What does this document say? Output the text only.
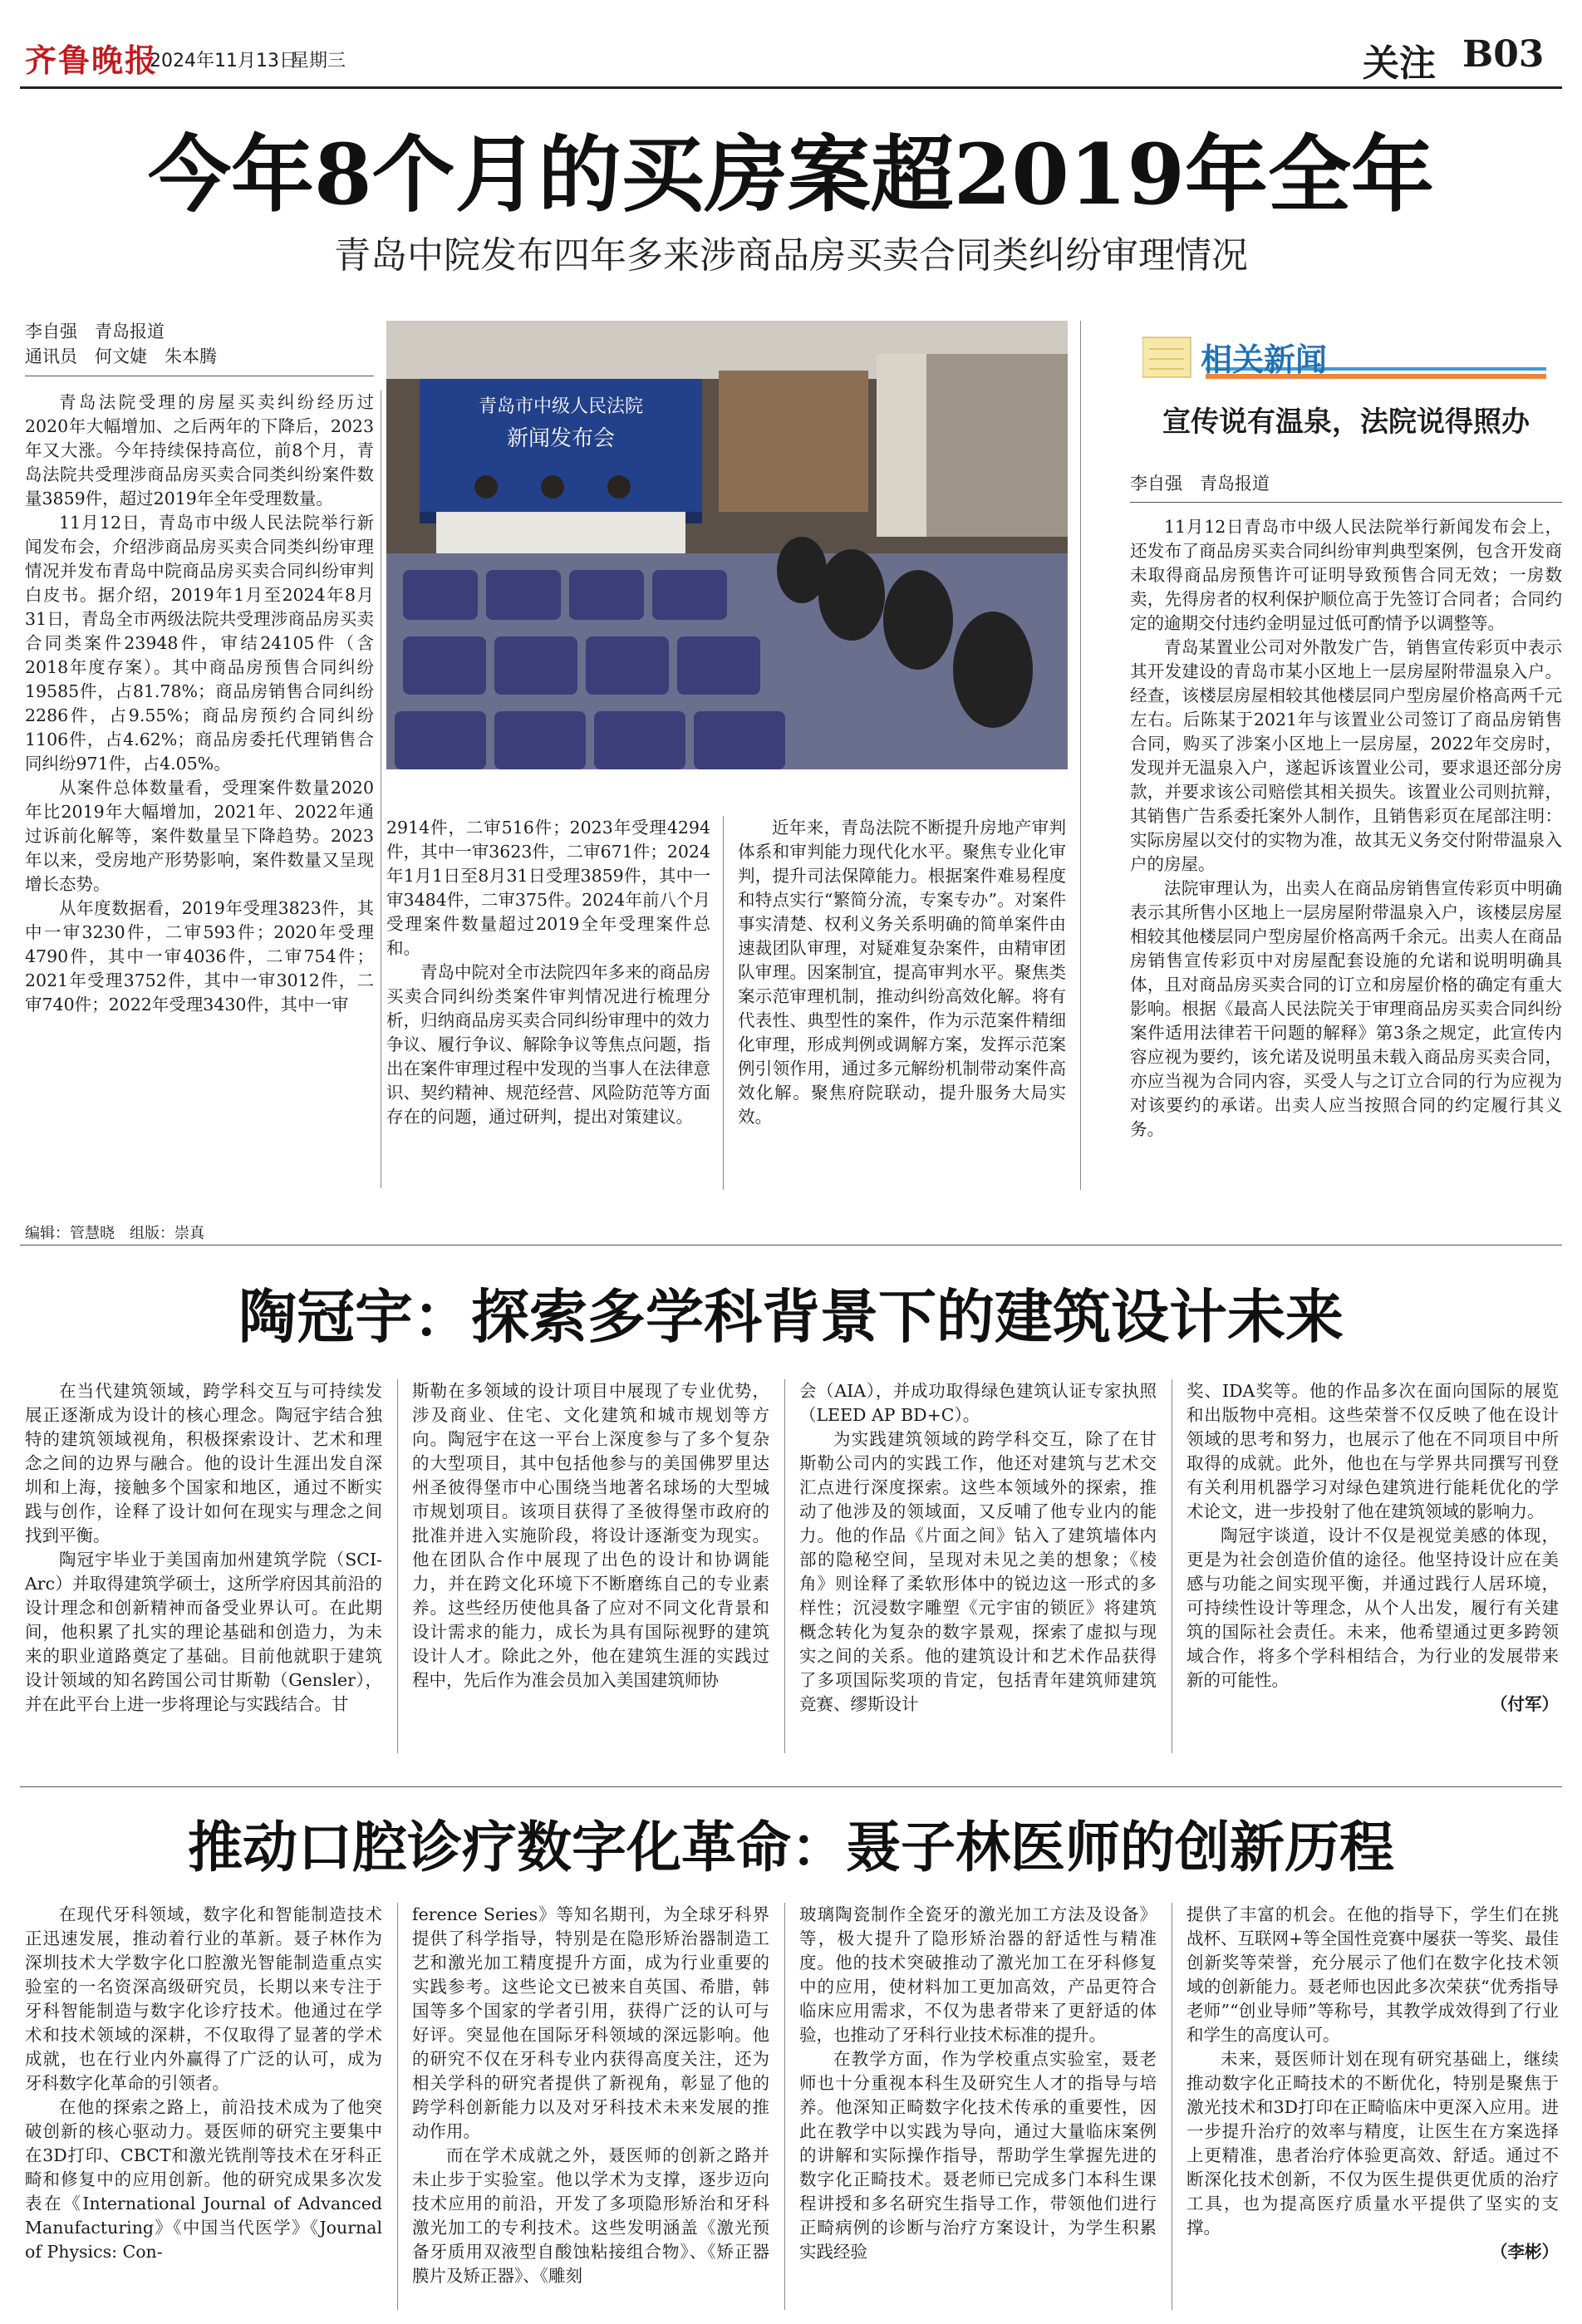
齐鲁晚报
2024年11月13日
星期三	关注 B03
今年8个月的买房案超2019年全年
青岛中院发布四年多来涉商品房买卖合同类纠纷审理情况
李自强　青岛报道
通讯员　何文婕　朱本腾
青岛市中级人民法院
新闻发布会

青岛法院受理的房屋买卖纠纷经历过2020年大幅增加、之后两年的下降后，2023年又大涨。今年持续保持高位，前8个月，青岛法院共受理涉商品房买卖合同类纠纷案件数量3859件，超过2019年全年受理数量。

11月12日，青岛市中级人民法院举行新闻发布会，介绍涉商品房买卖合同类纠纷审理情况并发布青岛中院商品房买卖合同纠纷审判白皮书。据介绍，2019年1月至2024年8月31日，青岛全市两级法院共受理涉商品房买卖合同类案件23948件，审结24105件（含2018年度存案）。其中商品房预售合同纠纷19585件，占81.78%；商品房销售合同纠纷2286件，占9.55%；商品房预约合同纠纷1106件，占4.62%；商品房委托代理销售合同纠纷971件，占4.05%。

从案件总体数量看，受理案件数量2020年比2019年大幅增加，2021年、2022年通过诉前化解等，案件数量呈下降趋势。2023年以来，受房地产形势影响，案件数量又呈现增长态势。

从年度数据看，2019年受理3823件，其中一审3230件，二审593件；2020年受理4790件，其中一审4036件，二审754件；2021年受理3752件，其中一审3012件，二审740件；2022年受理3430件，其中一审

2914件，二审516件；2023年受理4294件，其中一审3623件，二审671件；2024年1月1日至8月31日受理3859件，其中一审3484件，二审375件。2024年前八个月受理案件数量超过2019全年受理案件总和。

青岛中院对全市法院四年多来的商品房买卖合同纠纷类案件审判情况进行梳理分析，归纳商品房买卖合同纠纷审理中的效力争议、履行争议、解除争议等焦点问题，指出在案件审理过程中发现的当事人在法律意识、契约精神、规范经营、风险防范等方面存在的问题，通过研判，提出对策建议。

近年来，青岛法院不断提升房地产审判体系和审判能力现代化水平。聚焦专业化审判，提升司法保障能力。根据案件难易程度和特点实行“繁简分流，专案专办”。对案件事实清楚、权利义务关系明确的简单案件由速裁团队审理，对疑难复杂案件，由精审团队审理。因案制宜，提高审判水平。聚焦类案示范审理机制，推动纠纷高效化解。将有代表性、典型性的案件，作为示范案件精细化审理，形成判例或调解方案，发挥示范案例引领作用，通过多元解纷机制带动案件高效化解。聚焦府院联动，提升服务大局实效。

相关新闻
宣传说有温泉，法院说得照办
李自强　青岛报道

11月12日青岛市中级人民法院举行新闻发布会上，还发布了商品房买卖合同纠纷审判典型案例，包含开发商未取得商品房预售许可证明导致预售合同无效；一房数卖，先得房者的权利保护顺位高于先签订合同者；合同约定的逾期交付违约金明显过低可酌情予以调整等。

青岛某置业公司对外散发广告，销售宣传彩页中表示其开发建设的青岛市某小区地上一层房屋附带温泉入户。经查，该楼层房屋相较其他楼层同户型房屋价格高两千元左右。后陈某于2021年与该置业公司签订了商品房销售合同，购买了涉案小区地上一层房屋，2022年交房时，发现并无温泉入户，遂起诉该置业公司，要求退还部分房款，并要求该公司赔偿其相关损失。该置业公司则抗辩，其销售广告系委托案外人制作，且销售彩页在尾部注明：实际房屋以交付的实物为准，故其无义务交付附带温泉入户的房屋。

法院审理认为，出卖人在商品房销售宣传彩页中明确表示其所售小区地上一层房屋附带温泉入户，该楼层房屋相较其他楼层同户型房屋价格高两千余元。出卖人在商品房销售宣传彩页中对房屋配套设施的允诺和说明明确具体，且对商品房买卖合同的订立和房屋价格的确定有重大影响。根据《最高人民法院关于审理商品房买卖合同纠纷案件适用法律若干问题的解释》第3条之规定，此宣传内容应视为要约，该允诺及说明虽未载入商品房买卖合同，亦应当视为合同内容，买受人与之订立合同的行为应视为对该要约的承诺。出卖人应当按照合同的约定履行其义务。

编辑：管慧晓　组版：崇真
陶冠宇：探索多学科背景下的建筑设计未来

在当代建筑领域，跨学科交互与可持续发展正逐渐成为设计的核心理念。陶冠宇结合独特的建筑领域视角，积极探索设计、艺术和理念之间的边界与融合。他的设计生涯出发自深圳和上海，接触多个国家和地区，通过不断实践与创作，诠释了设计如何在现实与理念之间找到平衡。

陶冠宇毕业于美国南加州建筑学院（SCI-Arc）并取得建筑学硕士，这所学府因其前沿的设计理念和创新精神而备受业界认可。在此期间，他积累了扎实的理论基础和创造力，为未来的职业道路奠定了基础。目前他就职于建筑设计领域的知名跨国公司甘斯勒（Gensler），并在此平台上进一步将理论与实践结合。甘

斯勒在多领域的设计项目中展现了专业优势，涉及商业、住宅、文化建筑和城市规划等方向。陶冠宇在这一平台上深度参与了多个复杂的大型项目，其中包括他参与的美国佛罗里达州圣彼得堡市中心围绕当地著名球场的大型城市规划项目。该项目获得了圣彼得堡市政府的批准并进入实施阶段，将设计逐渐变为现实。他在团队合作中展现了出色的设计和协调能力，并在跨文化环境下不断磨练自己的专业素养。这些经历使他具备了应对不同文化背景和设计需求的能力，成长为具有国际视野的建筑设计人才。除此之外，他在建筑生涯的实践过程中，先后作为准会员加入美国建筑师协

会（AIA），并成功取得绿色建筑认证专家执照（LEED AP BD+C）。

为实践建筑领域的跨学科交互，除了在甘斯勒公司内的实践工作，他还对建筑与艺术交汇点进行深度探索。这些本领域外的探索，推动了他涉及的领域面，又反哺了他专业内的能力。他的作品《片面之间》钻入了建筑墙体内部的隐秘空间，呈现对未见之美的想象；《棱角》则诠释了柔软形体中的锐边这一形式的多样性；沉浸数字雕塑《元宇宙的锁匠》将建筑概念转化为复杂的数字景观，探索了虚拟与现实之间的关系。他的建筑设计和艺术作品获得了多项国际奖项的肯定，包括青年建筑师建筑竞赛、缪斯设计

奖、IDA奖等。他的作品多次在面向国际的展览和出版物中亮相。这些荣誉不仅反映了他在设计领域的思考和努力，也展示了他在不同项目中所取得的成就。此外，他也在与学界共同撰写刊登有关利用机器学习对绿色建筑进行能耗优化的学术论文，进一步投射了他在建筑领域的影响力。

陶冠宇谈道，设计不仅是视觉美感的体现，更是为社会创造价值的途径。他坚持设计应在美感与功能之间实现平衡，并通过践行人居环境，可持续性设计等理念，从个人出发，履行有关建筑的国际社会责任。未来，他希望通过更多跨领域合作，将多个学科相结合，为行业的发展带来新的可能性。

（付军）
推动口腔诊疗数字化革命：聂子林医师的创新历程

在现代牙科领域，数字化和智能制造技术正迅速发展，推动着行业的革新。聂子林作为深圳技术大学数字化口腔激光智能制造重点实验室的一名资深高级研究员，长期以来专注于牙科智能制造与数字化诊疗技术。他通过在学术和技术领域的深耕，不仅取得了显著的学术成就，也在行业内外赢得了广泛的认可，成为牙科数字化革命的引领者。

在他的探索之路上，前沿技术成为了他突破创新的核心驱动力。聂医师的研究主要集中在3D打印、CBCT和激光铣削等技术在牙科正畸和修复中的应用创新。他的研究成果多次发表在《International Journal of Advanced Manufacturing》《中国当代医学》《Journal of Physics: Con-

ference Series》等知名期刊，为全球牙科界提供了科学指导，特别是在隐形矫治器制造工艺和激光加工精度提升方面，成为行业重要的实践参考。这些论文已被来自英国、希腊，韩国等多个国家的学者引用，获得广泛的认可与好评。突显他在国际牙科领域的深远影响。他的研究不仅在牙科专业内获得高度关注，还为相关学科的研究者提供了新视角，彰显了他的跨学科创新能力以及对牙科技术未来发展的推动作用。

而在学术成就之外，聂医师的创新之路并未止步于实验室。他以学术为支撑，逐步迈向技术应用的前沿，开发了多项隐形矫治和牙科激光加工的专利技术。这些发明涵盖《激光预备牙质用双液型自酸蚀粘接组合物》、《矫正器膜片及矫正器》、《雕刻

玻璃陶瓷制作全瓷牙的激光加工方法及设备》等，极大提升了隐形矫治器的舒适性与精准度。他的技术突破推动了激光加工在牙科修复中的应用，使材料加工更加高效，产品更符合临床应用需求，不仅为患者带来了更舒适的体验，也推动了牙科行业技术标准的提升。

在教学方面，作为学校重点实验室，聂老师也十分重视本科生及研究生人才的指导与培养。他深知正畸数字化技术传承的重要性，因此在教学中以实践为导向，通过大量临床案例的讲解和实际操作指导，帮助学生掌握先进的数字化正畸技术。聂老师已完成多门本科生课程讲授和多名研究生指导工作，带领他们进行正畸病例的诊断与治疗方案设计，为学生积累实践经验

提供了丰富的机会。在他的指导下，学生们在挑战杯、互联网+等全国性竞赛中屡获一等奖、最佳创新奖等荣誉，充分展示了他们在数字化技术领域的创新能力。聂老师也因此多次荣获“优秀指导老师”“创业导师”等称号，其教学成效得到了行业和学生的高度认可。

未来，聂医师计划在现有研究基础上，继续推动数字化正畸技术的不断优化，特别是聚焦于激光技术和3D打印在正畸临床中更深入应用。进一步提升治疗的效率与精度，让医生在方案选择上更精准，患者治疗体验更高效、舒适。通过不断深化技术创新，不仅为医生提供更优质的治疗工具，也为提高医疗质量水平提供了坚实的支撑。

（李彬）
